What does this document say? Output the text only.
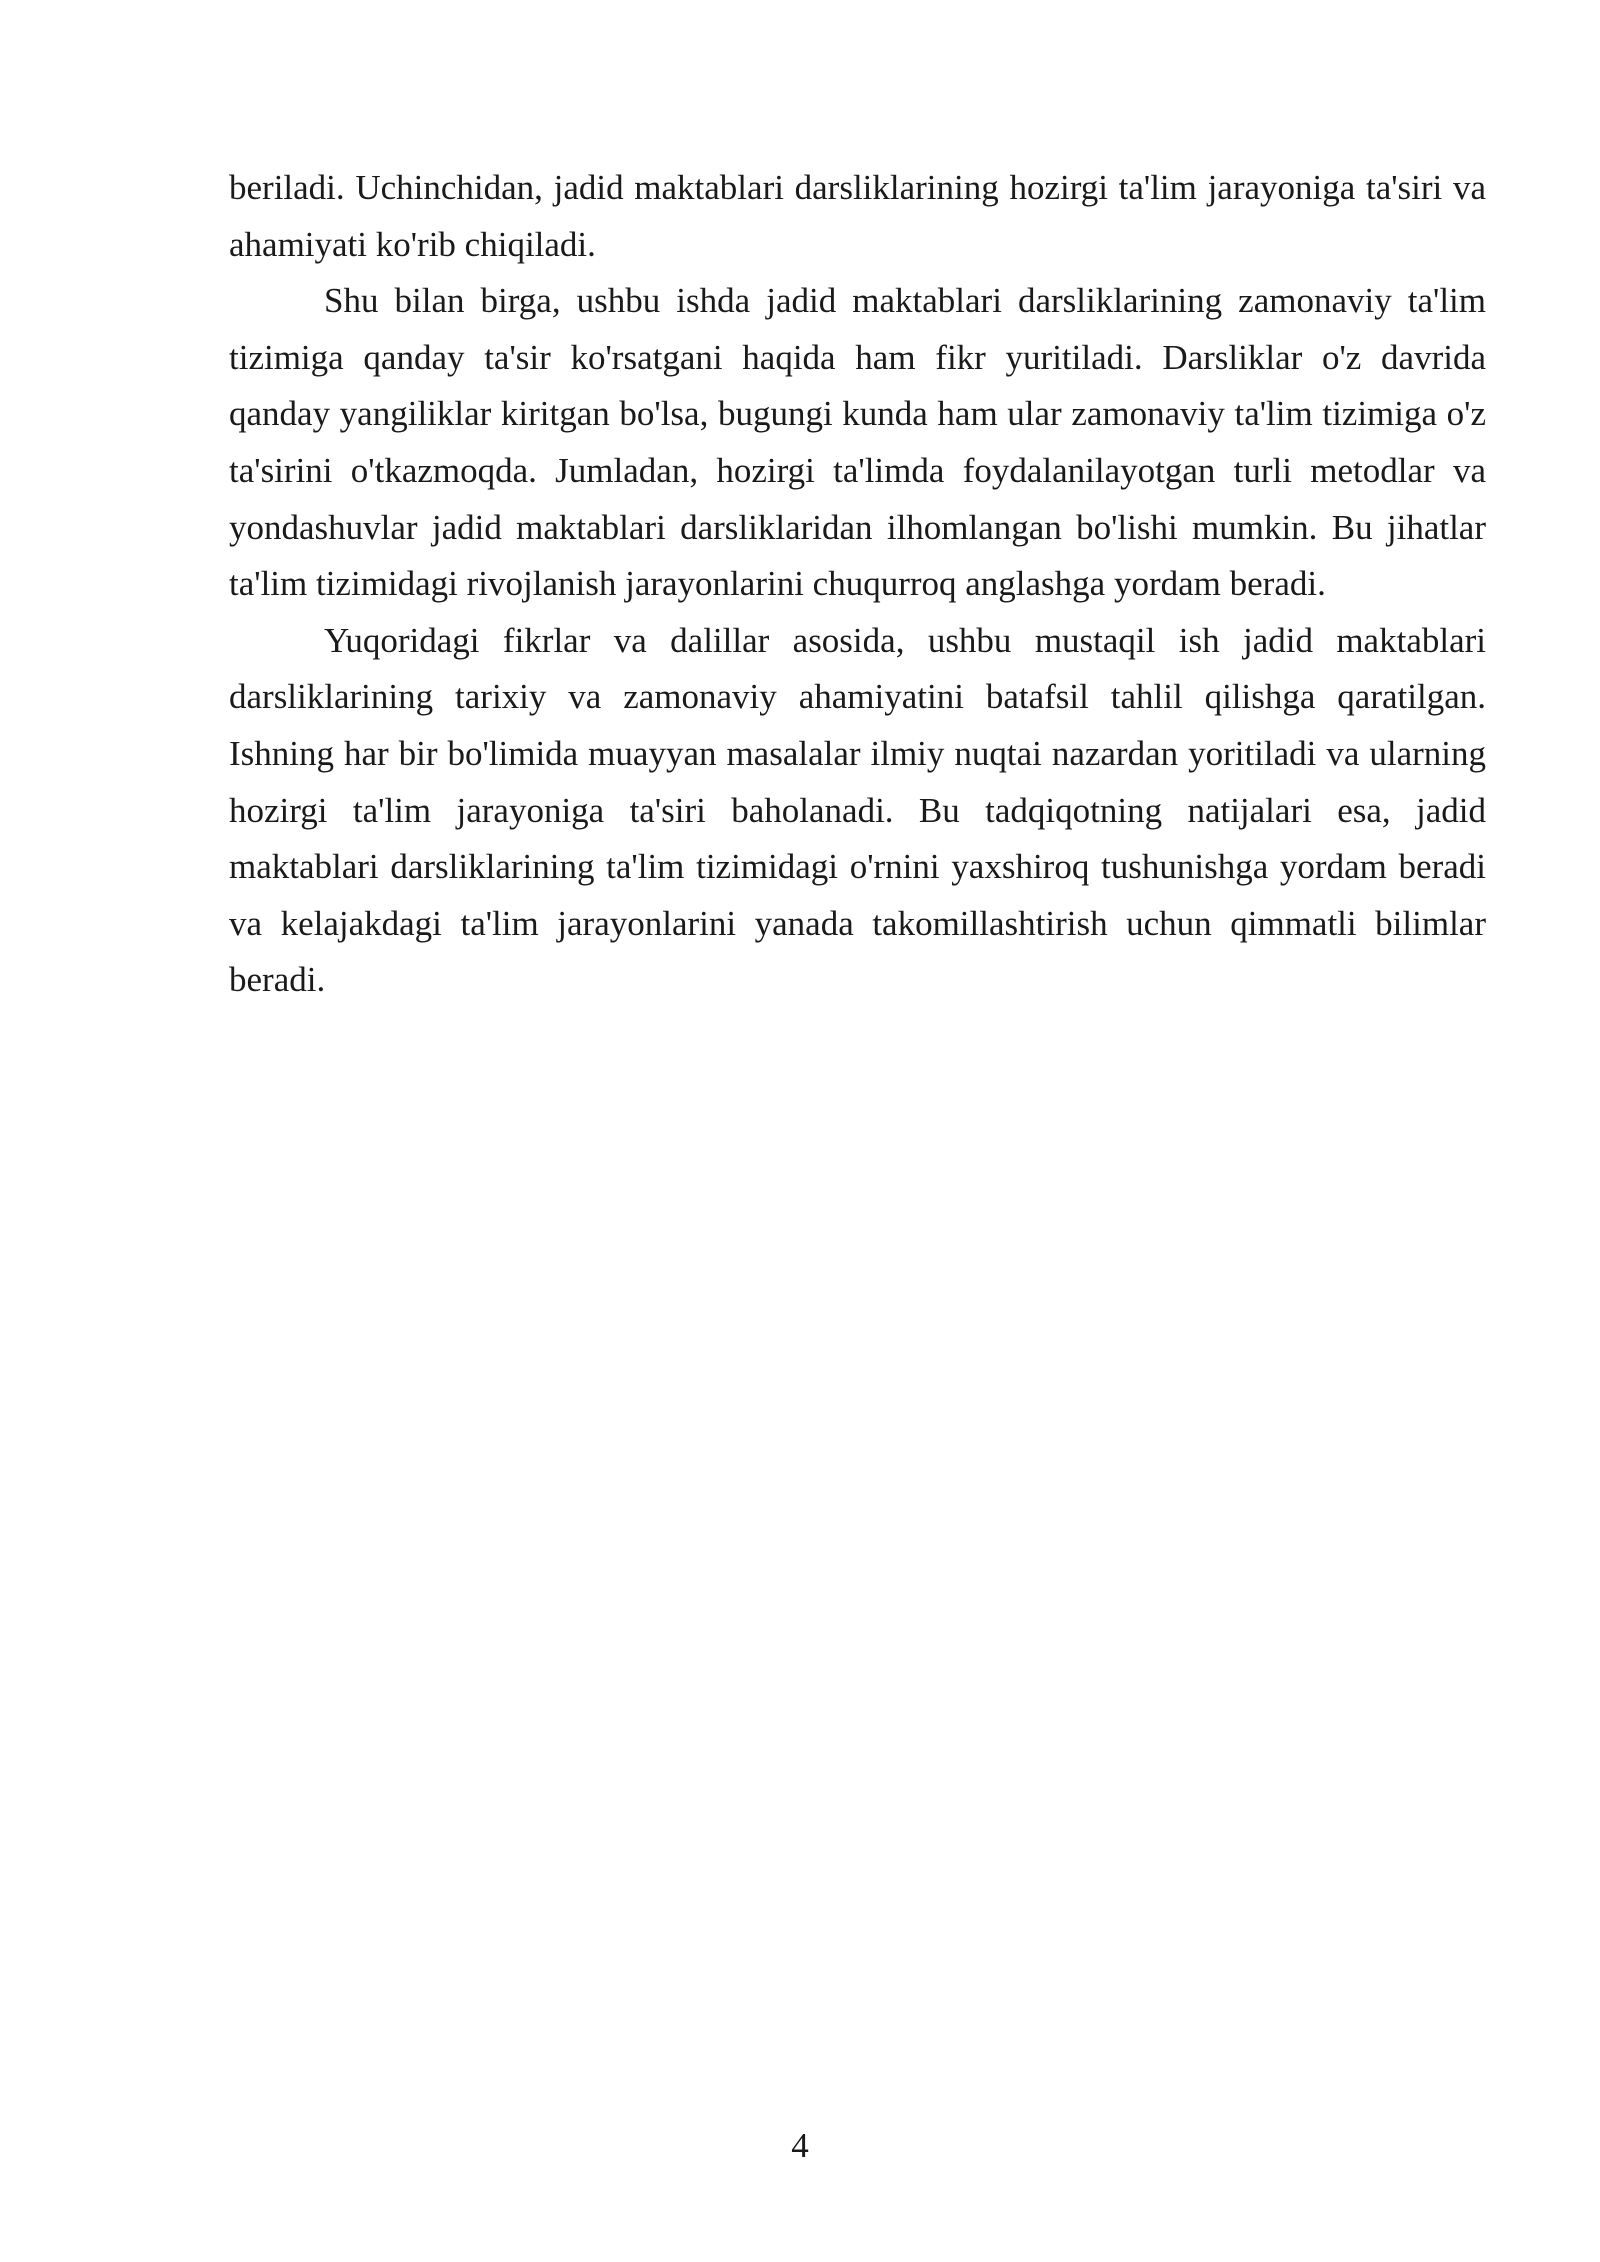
beriladi. Uchinchidan, jadid maktablari darsliklarining hozirgi ta'lim jarayoniga ta'siri va ahamiyati ko'rib chiqiladi.

Shu bilan birga, ushbu ishda jadid maktablari darsliklarining zamonaviy ta'lim tizimiga qanday ta'sir ko'rsatgani haqida ham fikr yuritiladi. Darsliklar o'z davrida qanday yangiliklar kiritgan bo'lsa, bugungi kunda ham ular zamonaviy ta'lim tizimiga o'z ta'sirini o'tkazmoqda. Jumladan, hozirgi ta'limda foydalanilayotgan turli metodlar va yondashuvlar jadid maktablari darsliklaridan ilhomlangan bo'lishi mumkin. Bu jihatlar ta'lim tizimidagi rivojlanish jarayonlarini chuqurroq anglashga yordam beradi.

Yuqoridagi fikrlar va dalillar asosida, ushbu mustaqil ish jadid maktablari darsliklarining tarixiy va zamonaviy ahamiyatini batafsil tahlil qilishga qaratilgan. Ishning har bir bo'limida muayyan masalalar ilmiy nuqtai nazardan yoritiladi va ularning hozirgi ta'lim jarayoniga ta'siri baholanadi. Bu tadqiqotning natijalari esa, jadid maktablari darsliklarining ta'lim tizimidagi o'rnini yaxshiroq tushunishga yordam beradi va kelajakdagi ta'lim jarayonlarini yanada takomillashtirish uchun qimmatli bilimlar beradi.

4
